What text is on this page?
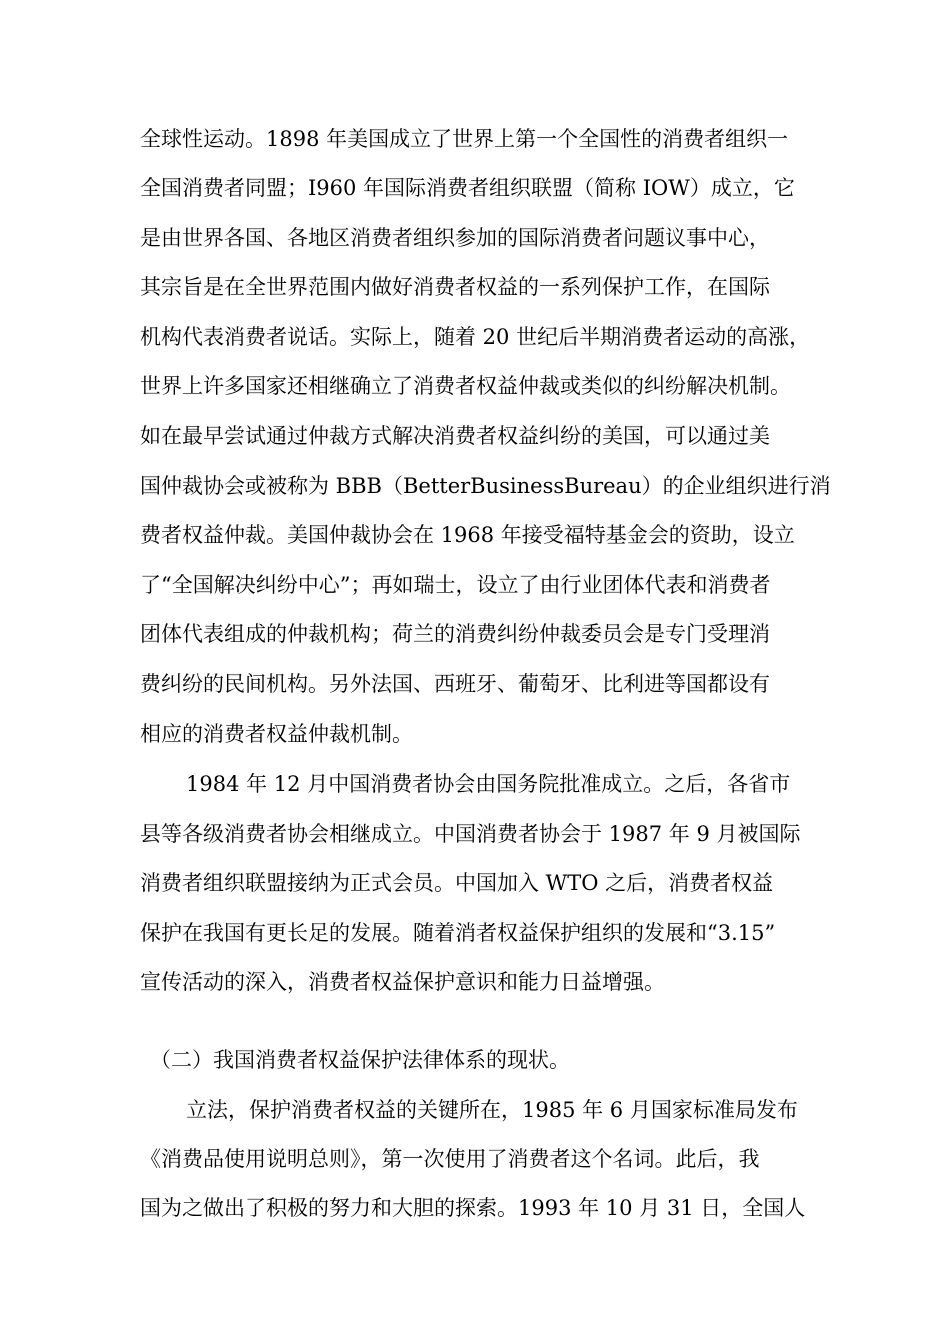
全球性运动。1898 年美国成立了世界上第一个全国性的消费者组织一
全国消费者同盟；I960 年国际消费者组织联盟（简称 IOW）成立，它
是由世界各国、各地区消费者组织参加的国际消费者问题议事中心，
其宗旨是在全世界范围内做好消费者权益的一系列保护工作，在国际
机构代表消费者说话。实际上，随着 20 世纪后半期消费者运动的高涨，
世界上许多国家还相继确立了消费者权益仲裁或类似的纠纷解决机制。
如在最早尝试通过仲裁方式解决消费者权益纠纷的美国，可以通过美
国仲裁协会或被称为 BBB（BetterBusinessBureau）的企业组织进行消
费者权益仲裁。美国仲裁协会在 1968 年接受福特基金会的资助，设立
了“全国解决纠纷中心”；再如瑞士，设立了由行业团体代表和消费者
团体代表组成的仲裁机构；荷兰的消费纠纷仲裁委员会是专门受理消
费纠纷的民间机构。另外法国、西班牙、葡萄牙、比利进等国都设有
相应的消费者权益仲裁机制。
1984 年 12 月中国消费者协会由国务院批准成立。之后，各省市
县等各级消费者协会相继成立。中国消费者协会于 1987 年 9 月被国际
消费者组织联盟接纳为正式会员。中国加入 WTO 之后，消费者权益
保护在我国有更长足的发展。随着消者权益保护组织的发展和“3.15”
宣传活动的深入，消费者权益保护意识和能力日益增强。
（二）我国消费者权益保护法律体系的现状。
立法，保护消费者权益的关键所在，1985 年 6 月国家标准局发布
《消费品使用说明总则》，第一次使用了消费者这个名词。此后，我
国为之做出了积极的努力和大胆的探索。1993 年 10 月 31 日，全国人
